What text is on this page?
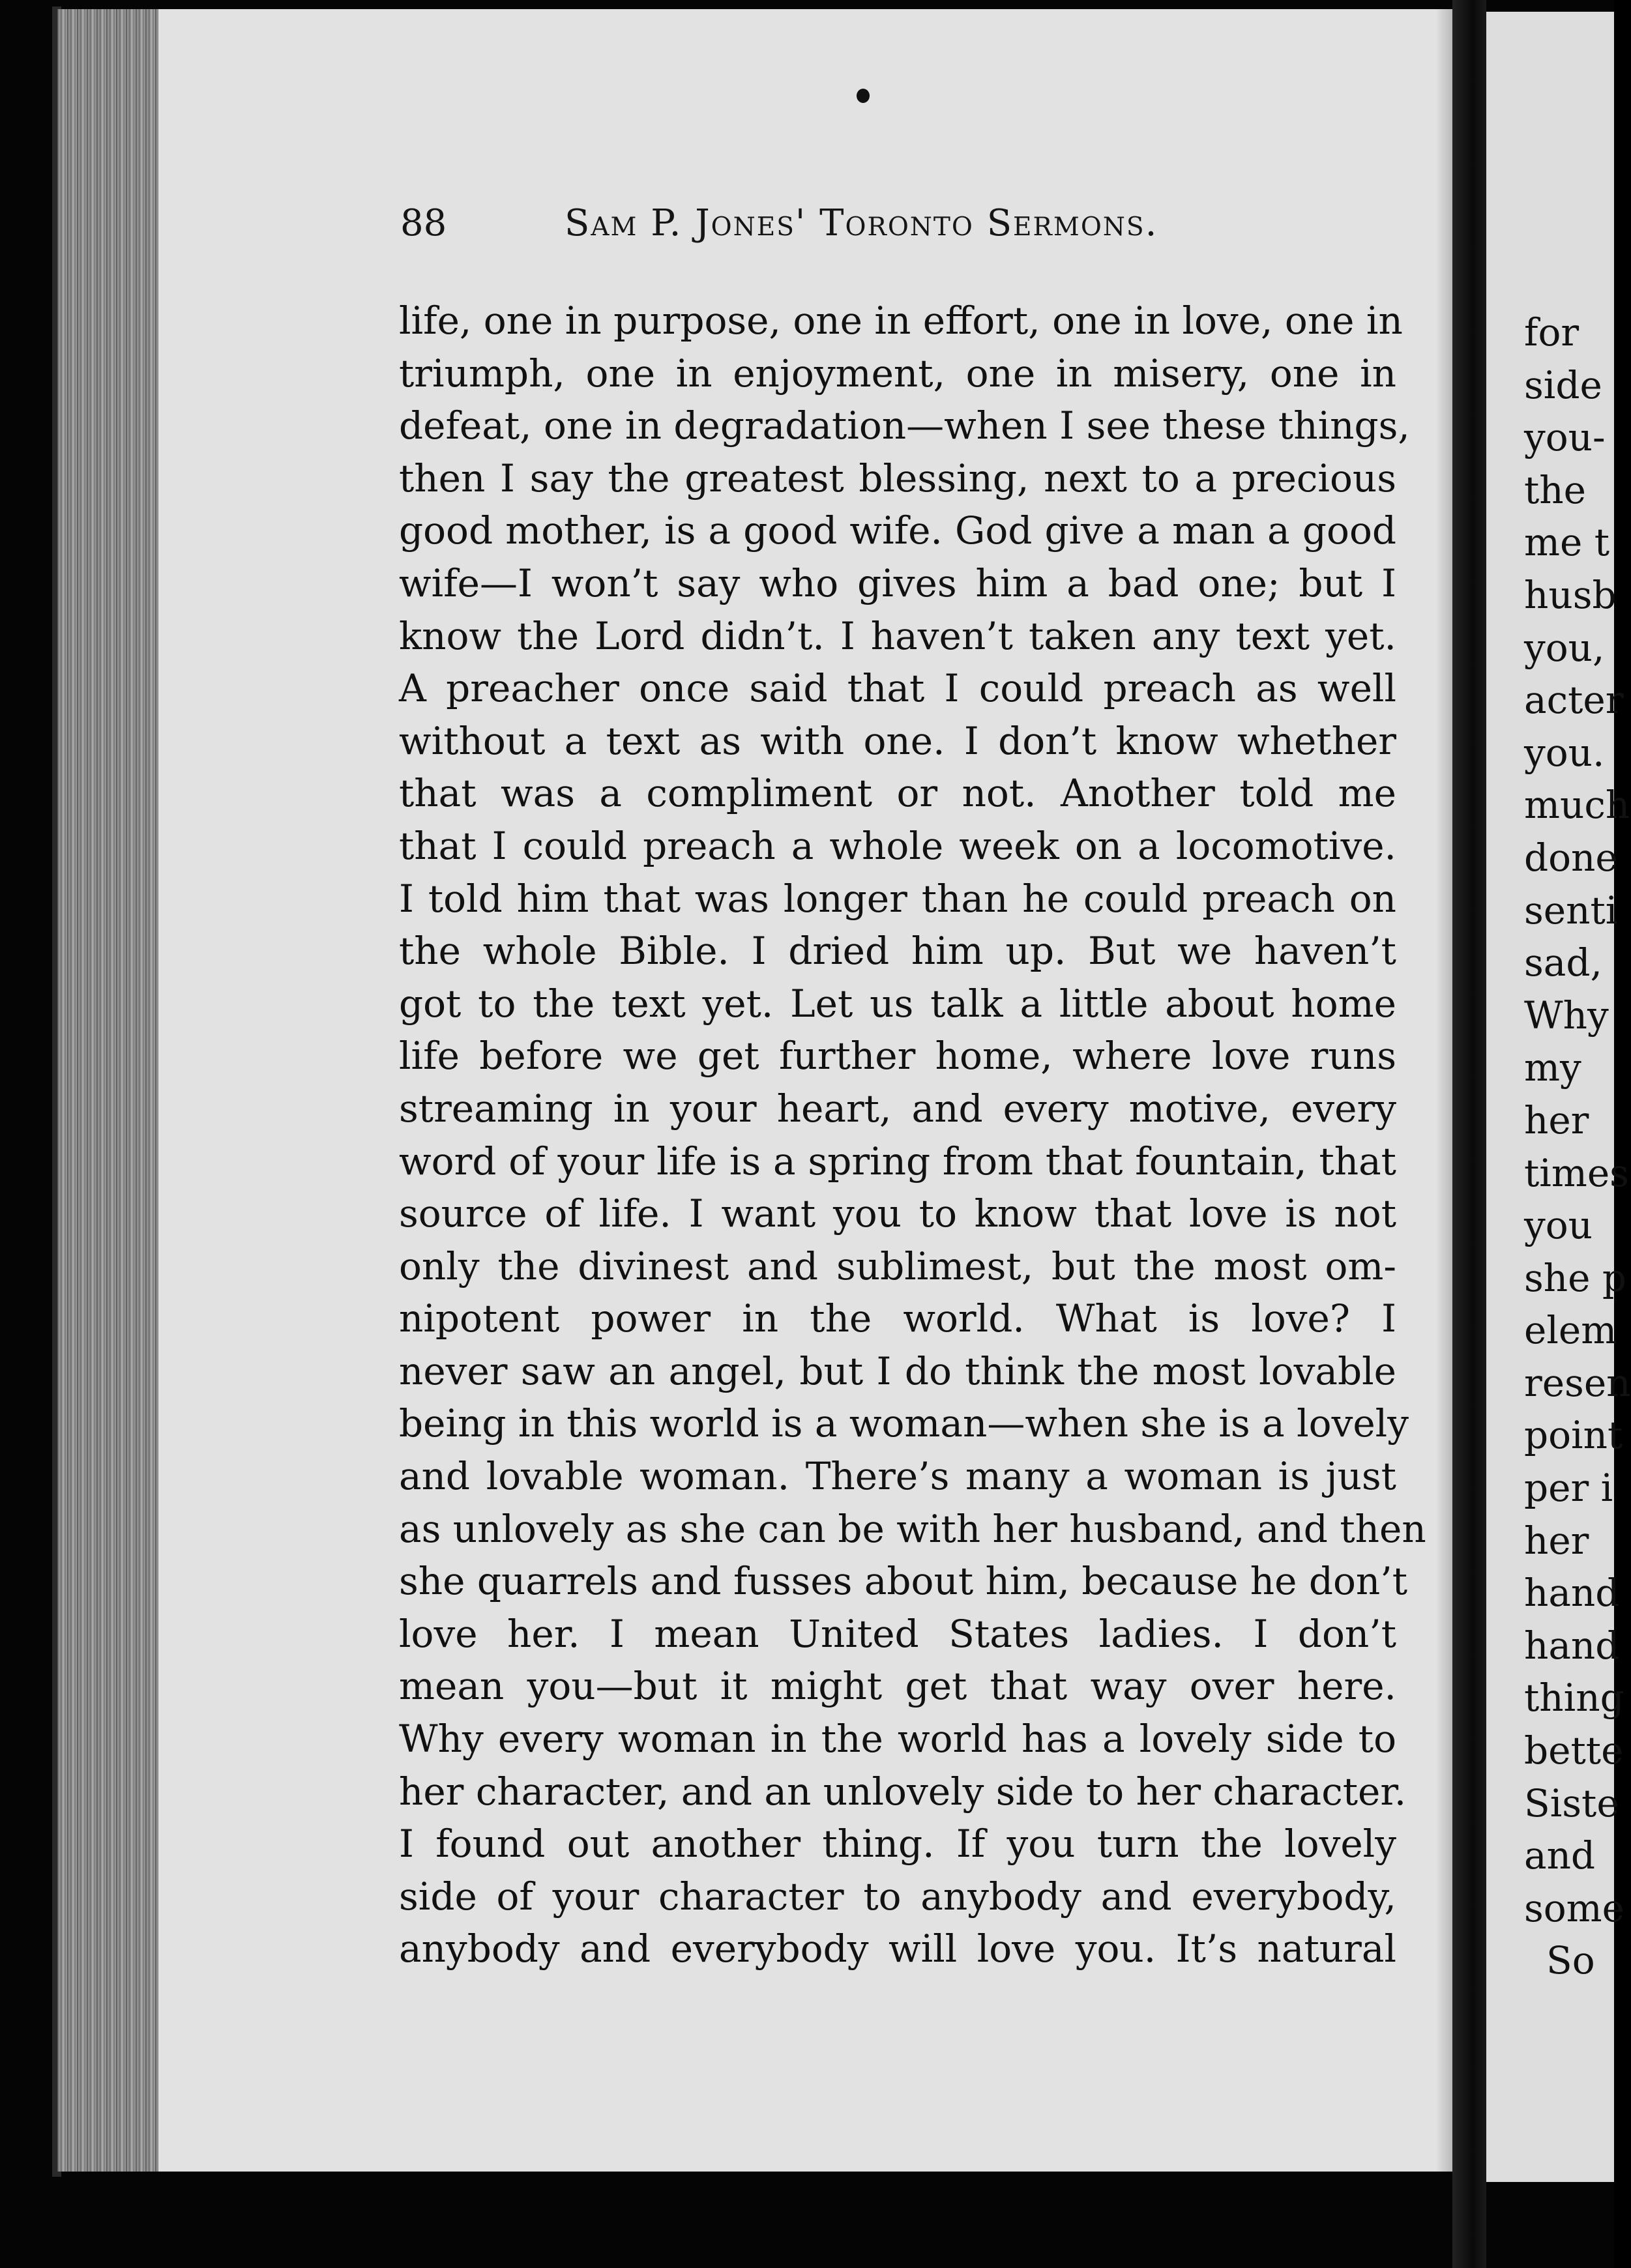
88	Sam P. Jones' Toronto Sermons.
life, one in purpose, one in effort, one in love, one in
triumph, one in enjoyment, one in misery, one in
defeat, one in degradation—when I see these things,
then I say the greatest blessing, next to a precious
good mother, is a good wife. God give a man a good
wife—I won’t say who gives him a bad one; but I
know the Lord didn’t. I haven’t taken any text yet.
A preacher once said that I could preach as well
without a text as with one. I don’t know whether
that was a compliment or not. Another told me
that I could preach a whole week on a locomotive.
I told him that was longer than he could preach on
the whole Bible. I dried him up. But we haven’t
got to the text yet. Let us talk a little about home
life before we get further home, where love runs
streaming in your heart, and every motive, every
word of your life is a spring from that fountain, that
source of life. I want you to know that love is not
only the divinest and sublimest, but the most om-
nipotent power in the world. What is love? I
never saw an angel, but I do think the most lovable
being in this world is a woman—when she is a lovely
and lovable woman. There’s many a woman is just
as unlovely as she can be with her husband, and then
she quarrels and fusses about him, because he don’t
love her. I mean United States ladies. I don’t
mean you—but it might get that way over here.
Why every woman in the world has a lovely side to
her character, and an unlovely side to her character.
I found out another thing. If you turn the lovely
side of your character to anybody and everybody,
anybody and everybody will love you. It’s natural
for
side
you-
the
me t
husb
you,
acter
you.
much
done
senti
sad,
Why
my
her
times
you
she p
elem
resen
point
per i
her
hand
hand
thing
bette
Siste
and
some
So
